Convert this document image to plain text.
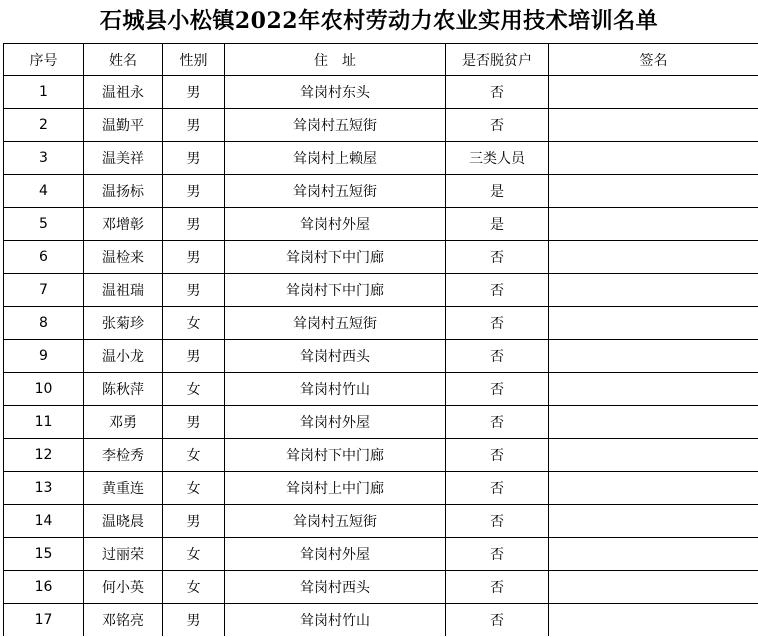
石城县小松镇2022年农村劳动力农业实用技术培训名单
序号	姓名	性别	住　址	是否脱贫户	签名
1	温祖永	男	耸岗村东头	否	
2	温勤平	男	耸岗村五短街	否	
3	温美祥	男	耸岗村上赖屋	三类人员	
4	温扬标	男	耸岗村五短街	是	
5	邓增彰	男	耸岗村外屋	是	
6	温检来	男	耸岗村下中门廊	否	
7	温祖瑞	男	耸岗村下中门廊	否	
8	张菊珍	女	耸岗村五短街	否	
9	温小龙	男	耸岗村西头	否	
10	陈秋萍	女	耸岗村竹山	否	
11	邓勇	男	耸岗村外屋	否	
12	李检秀	女	耸岗村下中门廊	否	
13	黄重连	女	耸岗村上中门廊	否	
14	温晓晨	男	耸岗村五短街	否	
15	过丽荣	女	耸岗村外屋	否	
16	何小英	女	耸岗村西头	否	
17	邓铭亮	男	耸岗村竹山	否	
